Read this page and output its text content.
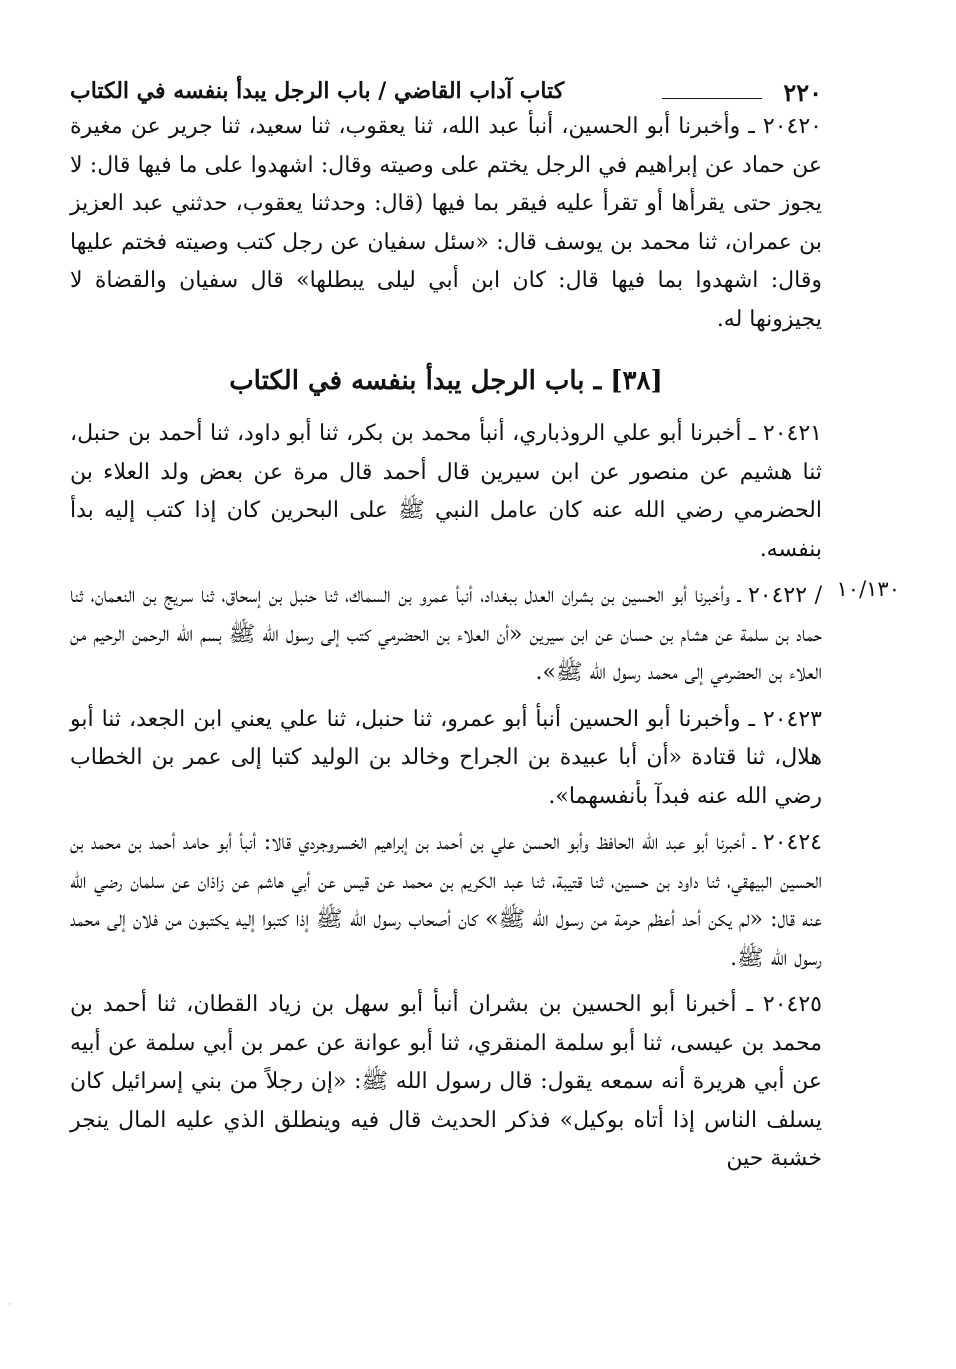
٢٢٠
كتاب آداب القاضي / باب الرجل يبدأ بنفسه في الكتاب

٢٠٤٢٠ ـ وأخبرنا أبو الحسين، أنبأ عبد الله، ثنا يعقوب، ثنا سعيد، ثنا جرير عن مغيرة عن حماد عن إبراهيم في الرجل يختم على وصيته وقال: اشهدوا على ما فيها قال: لا يجوز حتى يقرأها أو تقرأ عليه فيقر بما فيها (قال: وحدثنا يعقوب، حدثني عبد العزيز بن عمران، ثنا محمد بن يوسف قال: «سئل سفيان عن رجل كتب وصيته فختم عليها وقال: اشهدوا بما فيها قال: كان ابن أبي ليلى يبطلها» قال سفيان والقضاة لا يجيزونها له.

[٣٨] ـ باب الرجل يبدأ بنفسه في الكتاب

٢٠٤٢١ ـ أخبرنا أبو علي الروذباري، أنبأ محمد بن بكر، ثنا أبو داود، ثنا أحمد بن حنبل، ثنا هشيم عن منصور عن ابن سيرين قال أحمد قال مرة عن بعض ولد العلاء بن الحضرمي رضي الله عنه كان عامل النبي ﷺ على البحرين كان إذا كتب إليه بدأ بنفسه.

١٠/١٣٠

/ ٢٠٤٢٢ ـ وأخبرنا أبو الحسين بن بشران العدل ببغداد، أنبأ عمرو بن السماك، ثنا حنبل بن إسحاق، ثنا سريج بن النعمان، ثنا حماد بن سلمة عن هشام بن حسان عن ابن سيرين «أن العلاء بن الحضرمي كتب إلى رسول الله ﷺ بسم الله الرحمن الرحيم من العلاء بن الحضرمي إلى محمد رسول الله ﷺ».

٢٠٤٢٣ ـ وأخبرنا أبو الحسين أنبأ أبو عمرو، ثنا حنبل، ثنا علي يعني ابن الجعد، ثنا أبو هلال، ثنا قتادة «أن أبا عبيدة بن الجراح وخالد بن الوليد كتبا إلى عمر بن الخطاب رضي الله عنه فبدآ بأنفسهما».

٢٠٤٢٤ ـ أخبرنا أبو عبد الله الحافظ وأبو الحسن علي بن أحمد بن إبراهيم الخسروجردي قالا: أنبأ أبو حامد أحمد بن محمد بن الحسين البيهقي، ثنا داود بن حسين، ثنا قتيبة، ثنا عبد الكريم بن محمد عن قيس عن أبي هاشم عن زاذان عن سلمان رضي الله عنه قال: «لم يكن أحد أعظم حرمة من رسول الله ﷺ» كان أصحاب رسول الله ﷺ إذا كتبوا إليه يكتبون من فلان إلى محمد رسول الله ﷺ.

٢٠٤٢٥ ـ أخبرنا أبو الحسين بن بشران أنبأ أبو سهل بن زياد القطان، ثنا أحمد بن محمد بن عيسى، ثنا أبو سلمة المنقري، ثنا أبو عوانة عن عمر بن أبي سلمة عن أبيه عن أبي هريرة أنه سمعه يقول: قال رسول الله ﷺ: «إن رجلاً من بني إسرائيل كان يسلف الناس إذا أتاه بوكيل» فذكر الحديث قال فيه وينطلق الذي عليه المال ينجر خشبة حين

·
